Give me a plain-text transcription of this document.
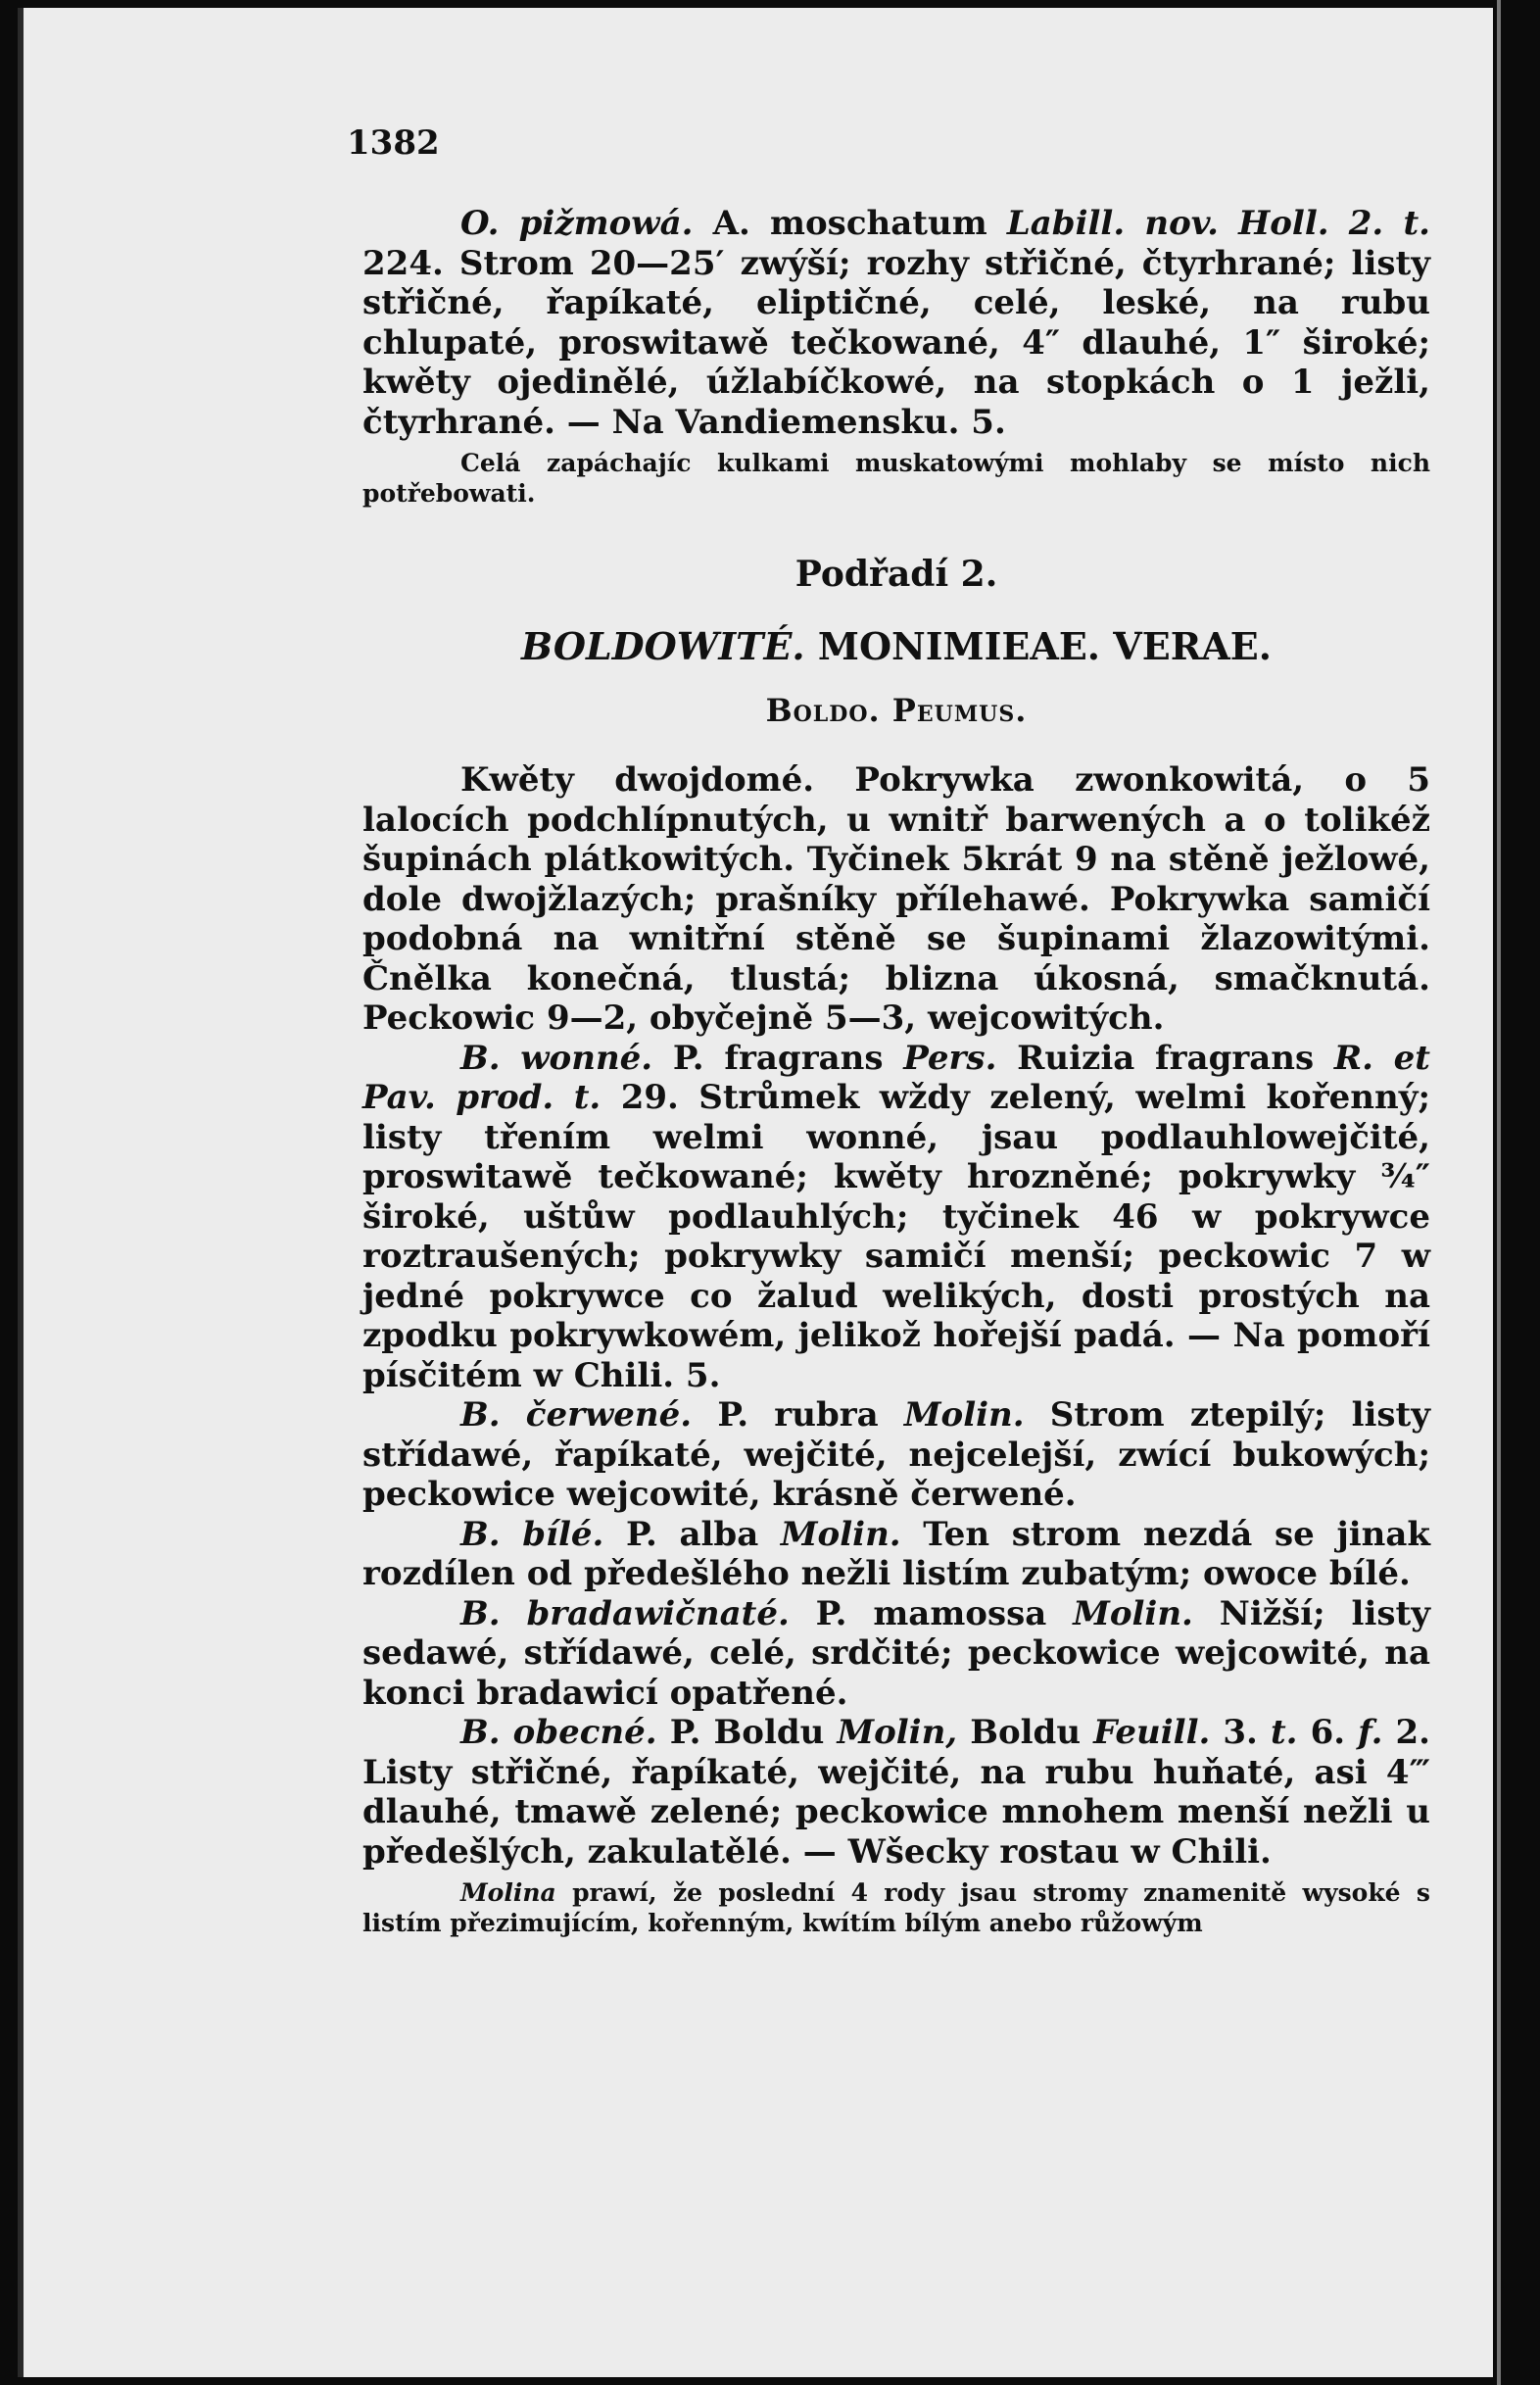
1382

O. pižmowá. A. moschatum Labill. nov. Holl. 2. t. 224. Strom 20—25′ zwýší; rozhy střičné, čtyrhrané; listy střičné, řapíkaté, eliptičné, celé, leské, na rubu chlupaté, proswitawě tečkowané, 4″ dlauhé, 1″ široké; kwěty ojedinělé, úžlabíčkowé, na stopkách o 1 ježli, čtyrhrané. — Na Vandiemensku. 5.

Celá zapáchajíc kulkami muskatowými mohlaby se místo nich potřebowati.

Podřadí 2.

BOLDOWITÉ. MONIMIEAE. VERAE.

Boldo. Peumus.

Kwěty dwojdomé. Pokrywka zwonkowitá, o 5 lalocích podchlípnutých, u wnitř barwených a o tolikéž šupinách plátkowitých. Tyčinek 5krát 9 na stěně ježlowé, dole dwojžlazých; prašníky přílehawé. Pokrywka samičí podobná na wnitřní stěně se šupinami žlazowitými. Čnělka konečná, tlustá; blizna úkosná, smačknutá. Peckowic 9—2, obyčejně 5—3, wejcowitých.

B. wonné. P. fragrans Pers. Ruizia fragrans R. et Pav. prod. t. 29. Strůmek wždy zelený, welmi kořenný; listy třením welmi wonné, jsau podlauhlowejčité, proswitawě tečkowané; kwěty hrozněné; pokrywky ¾″ široké, uštůw podlauhlých; tyčinek 46 w pokrywce roztraušených; pokrywky samičí menší; peckowic 7 w jedné pokrywce co žalud welikých, dosti prostých na zpodku pokrywkowém, jelikož hořejší padá. — Na pomoří písčitém w Chili. 5.

B. čerwené. P. rubra Molin. Strom ztepilý; listy střídawé, řapíkaté, wejčité, nejcelejší, zwící bukowých; peckowice wejcowité, krásně čerwené.

B. bílé. P. alba Molin. Ten strom nezdá se jinak rozdílen od předešlého nežli listím zubatým; owoce bílé.

B. bradawičnaté. P. mamossa Molin. Nižší; listy sedawé, střídawé, celé, srdčité; peckowice wejcowité, na konci bradawicí opatřené.

B. obecné. P. Boldu Molin, Boldu Feuill. 3. t. 6. f. 2. Listy střičné, řapíkaté, wejčité, na rubu huňaté, asi 4‴ dlauhé, tmawě zelené; peckowice mnohem menší nežli u předešlých, zakulatělé. — Wšecky rostau w Chili.

Molina prawí, že poslední 4 rody jsau stromy znamenitě wysoké s listím přezimujícím, kořenným, kwítím bílým anebo růžowým
